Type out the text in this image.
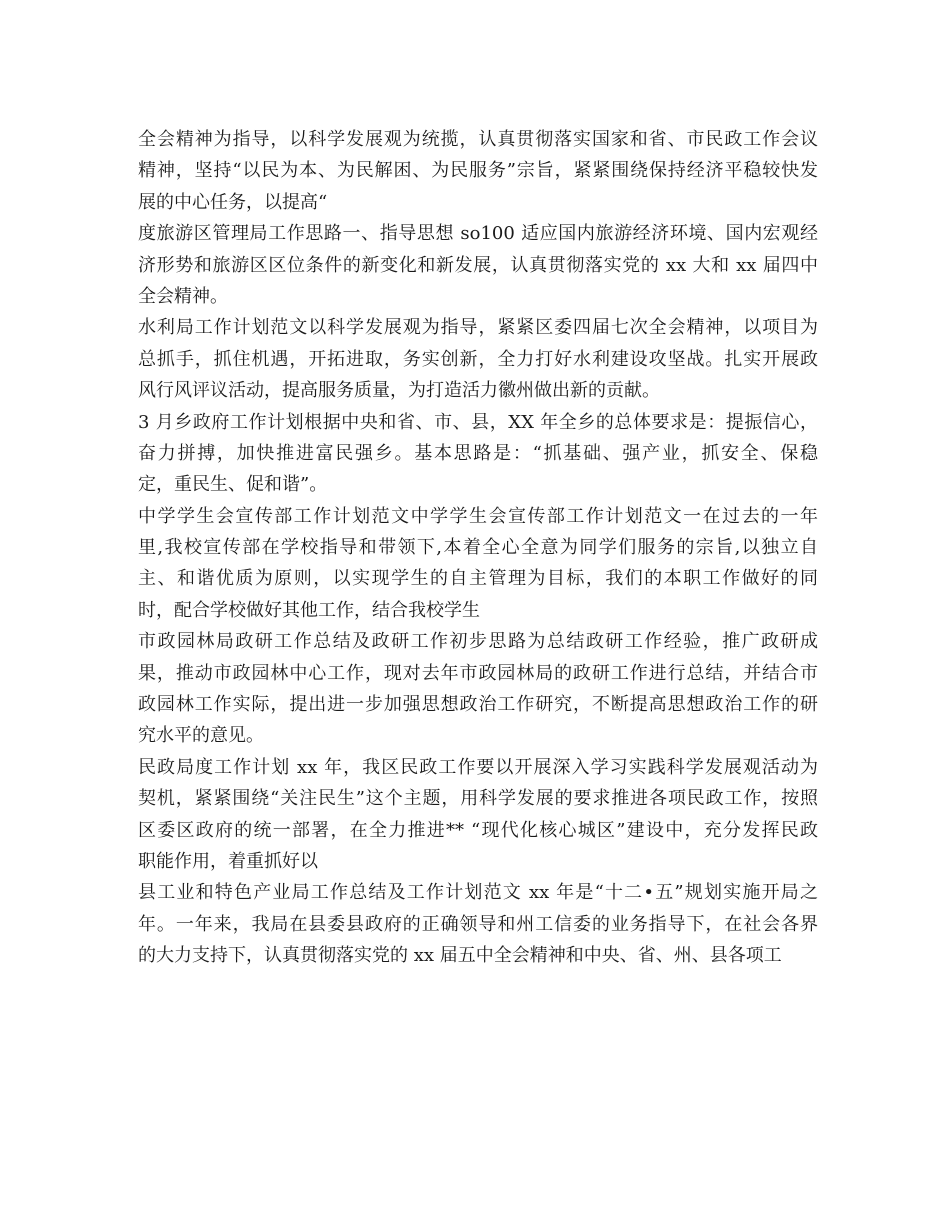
全会精神为指导，以科学发展观为统揽，认真贯彻落实国家和省、市民政工作会议
精神，坚持“以民为本、为民解困、为民服务”宗旨，紧紧围绕保持经济平稳较快发
展的中心任务，以提高“
度旅游区管理局工作思路一、指导思想 so100 适应国内旅游经济环境、国内宏观经
济形势和旅游区区位条件的新变化和新发展，认真贯彻落实党的 xx 大和 xx 届四中
全会精神。
水利局工作计划范文以科学发展观为指导，紧紧区委四届七次全会精神，以项目为
总抓手，抓住机遇，开拓进取，务实创新，全力打好水利建设攻坚战。扎实开展政
风行风评议活动，提高服务质量，为打造活力徽州做出新的贡献。
3 月乡政府工作计划根据中央和省、市、县，XX 年全乡的总体要求是：提振信心，
奋力拼搏，加快推进富民强乡。基本思路是：“抓基础、强产业，抓安全、保稳
定，重民生、促和谐”。
中学学生会宣传部工作计划范文中学学生会宣传部工作计划范文一在过去的一年
里,我校宣传部在学校指导和带领下,本着全心全意为同学们服务的宗旨,以独立自
主、和谐优质为原则，以实现学生的自主管理为目标，我们的本职工作做好的同
时，配合学校做好其他工作，结合我校学生
市政园林局政研工作总结及政研工作初步思路为总结政研工作经验，推广政研成
果，推动市政园林中心工作，现对去年市政园林局的政研工作进行总结，并结合市
政园林工作实际，提出进一步加强思想政治工作研究，不断提高思想政治工作的研
究水平的意见。
民政局度工作计划 xx 年，我区民政工作要以开展深入学习实践科学发展观活动为
契机，紧紧围绕“关注民生”这个主题，用科学发展的要求推进各项民政工作，按照
区委区政府的统一部署，在全力推进** “现代化核心城区”建设中，充分发挥民政
职能作用，着重抓好以
县工业和特色产业局工作总结及工作计划范文 xx 年是“十二•五”规划实施开局之
年。一年来，我局在县委县政府的正确领导和州工信委的业务指导下，在社会各界
的大力支持下，认真贯彻落实党的 xx 届五中全会精神和中央、省、州、县各项工
